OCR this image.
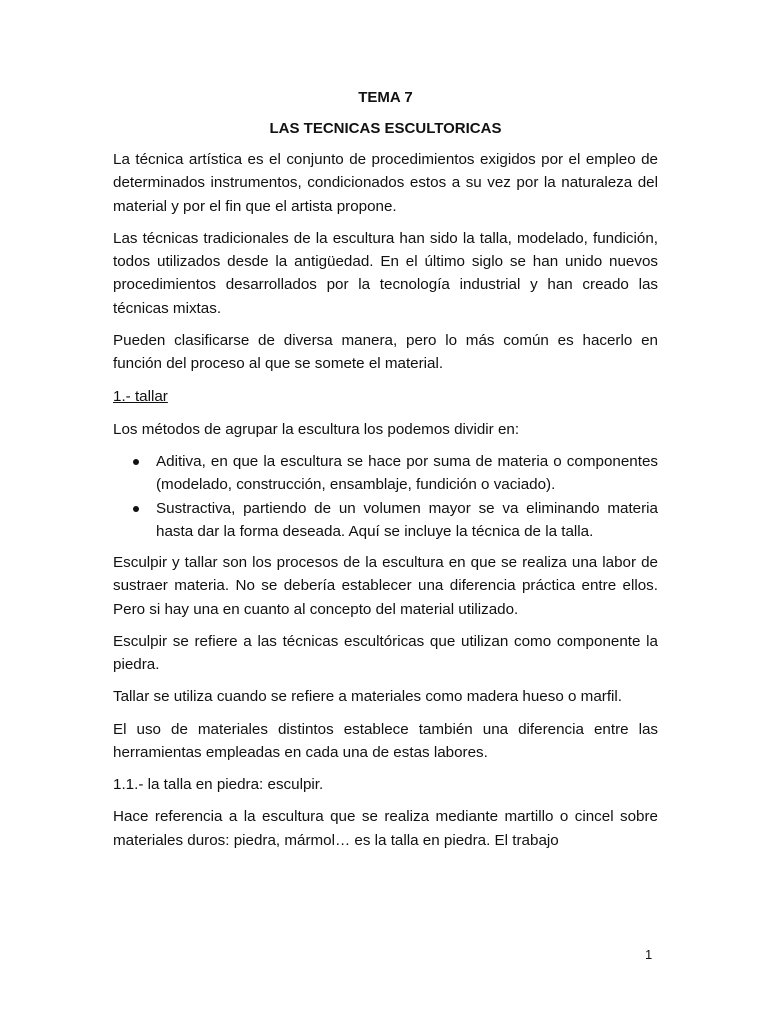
TEMA 7
LAS TECNICAS ESCULTORICAS

La técnica artística es el conjunto de procedimientos exigidos por el empleo de determinados instrumentos, condicionados estos a su vez por la naturaleza del material y por el fin que el artista propone.

Las técnicas tradicionales de la escultura han sido la talla, modelado, fundición, todos utilizados desde la antigüedad. En el último siglo se han unido nuevos procedimientos desarrollados por la tecnología industrial y han creado las técnicas mixtas.

Pueden clasificarse de diversa manera, pero lo más común es hacerlo en función del proceso al que se somete el material.

1.- tallar

Los métodos de agrupar la escultura los podemos dividir en:

Aditiva, en que la escultura se hace por suma de materia o componentes (modelado, construcción, ensamblaje, fundición o vaciado).
Sustractiva, partiendo de un volumen mayor se va eliminando materia hasta dar la forma deseada. Aquí se incluye la técnica de la talla.

Esculpir y tallar son los procesos de la escultura en que se realiza una labor de sustraer materia. No se debería establecer una diferencia práctica entre ellos. Pero si hay una en cuanto al concepto del material utilizado.

Esculpir se refiere a las técnicas escultóricas que utilizan como componente la piedra.

Tallar se utiliza cuando se refiere a materiales como madera hueso o marfil.

El uso de materiales distintos establece también una diferencia entre las herramientas empleadas en cada una de estas labores.

1.1.- la talla en piedra: esculpir.

Hace referencia a la escultura que se realiza mediante martillo o cincel sobre materiales duros: piedra, mármol… es la talla en piedra. El trabajo

1
